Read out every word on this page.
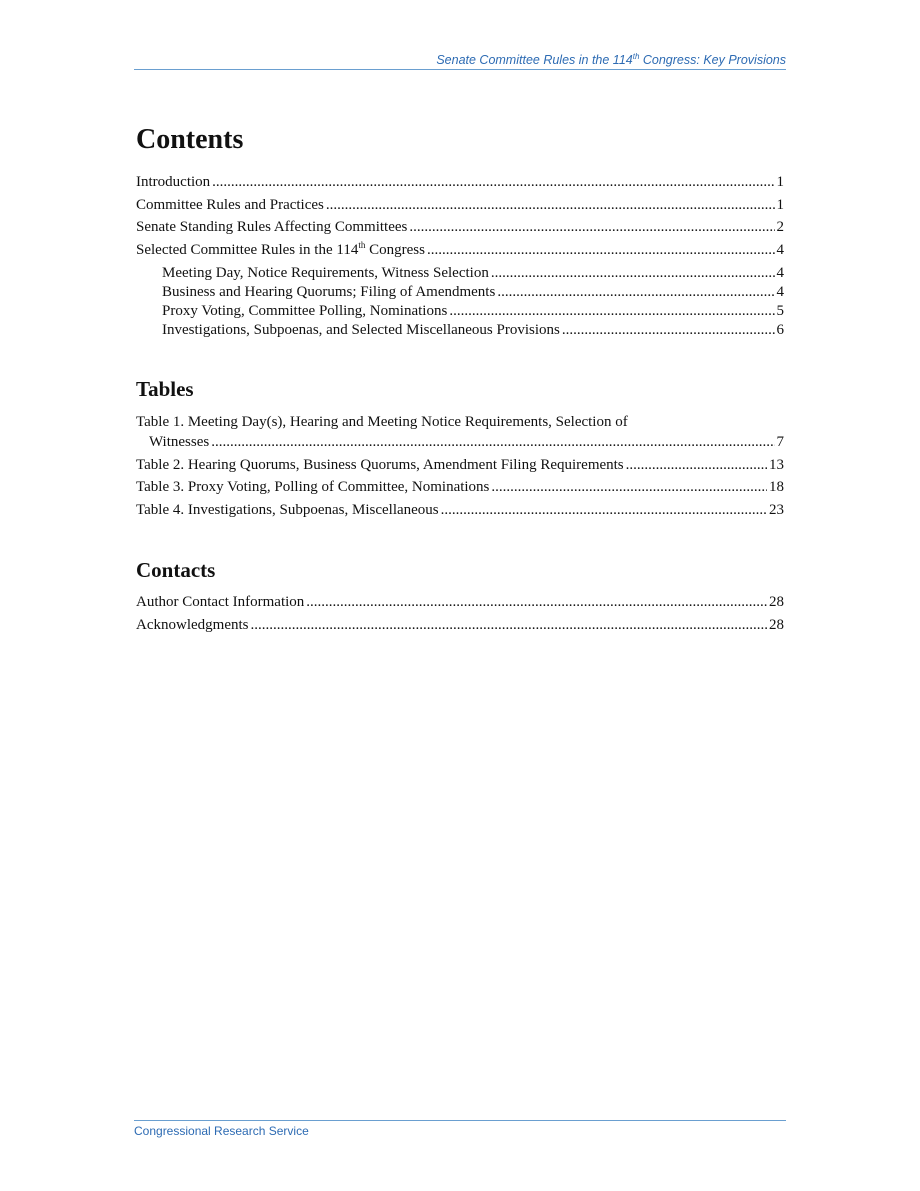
Senate Committee Rules in the 114th Congress: Key Provisions
Contents
Introduction .....	1
Committee Rules and Practices .....	1
Senate Standing Rules Affecting Committees .....	2
Selected Committee Rules in the 114th Congress .....	4
Meeting Day, Notice Requirements, Witness Selection .....	4
Business and Hearing Quorums; Filing of Amendments .....	4
Proxy Voting, Committee Polling, Nominations .....	5
Investigations, Subpoenas, and Selected Miscellaneous Provisions .....	6
Tables
Table 1. Meeting Day(s), Hearing and Meeting Notice Requirements, Selection of
Witnesses .....	7
Table 2. Hearing Quorums, Business Quorums, Amendment Filing Requirements .....	13
Table 3. Proxy Voting, Polling of Committee, Nominations .....	18
Table 4. Investigations, Subpoenas, Miscellaneous .....	23
Contacts
Author Contact Information .....	28
Acknowledgments .....	28
Congressional Research Service
